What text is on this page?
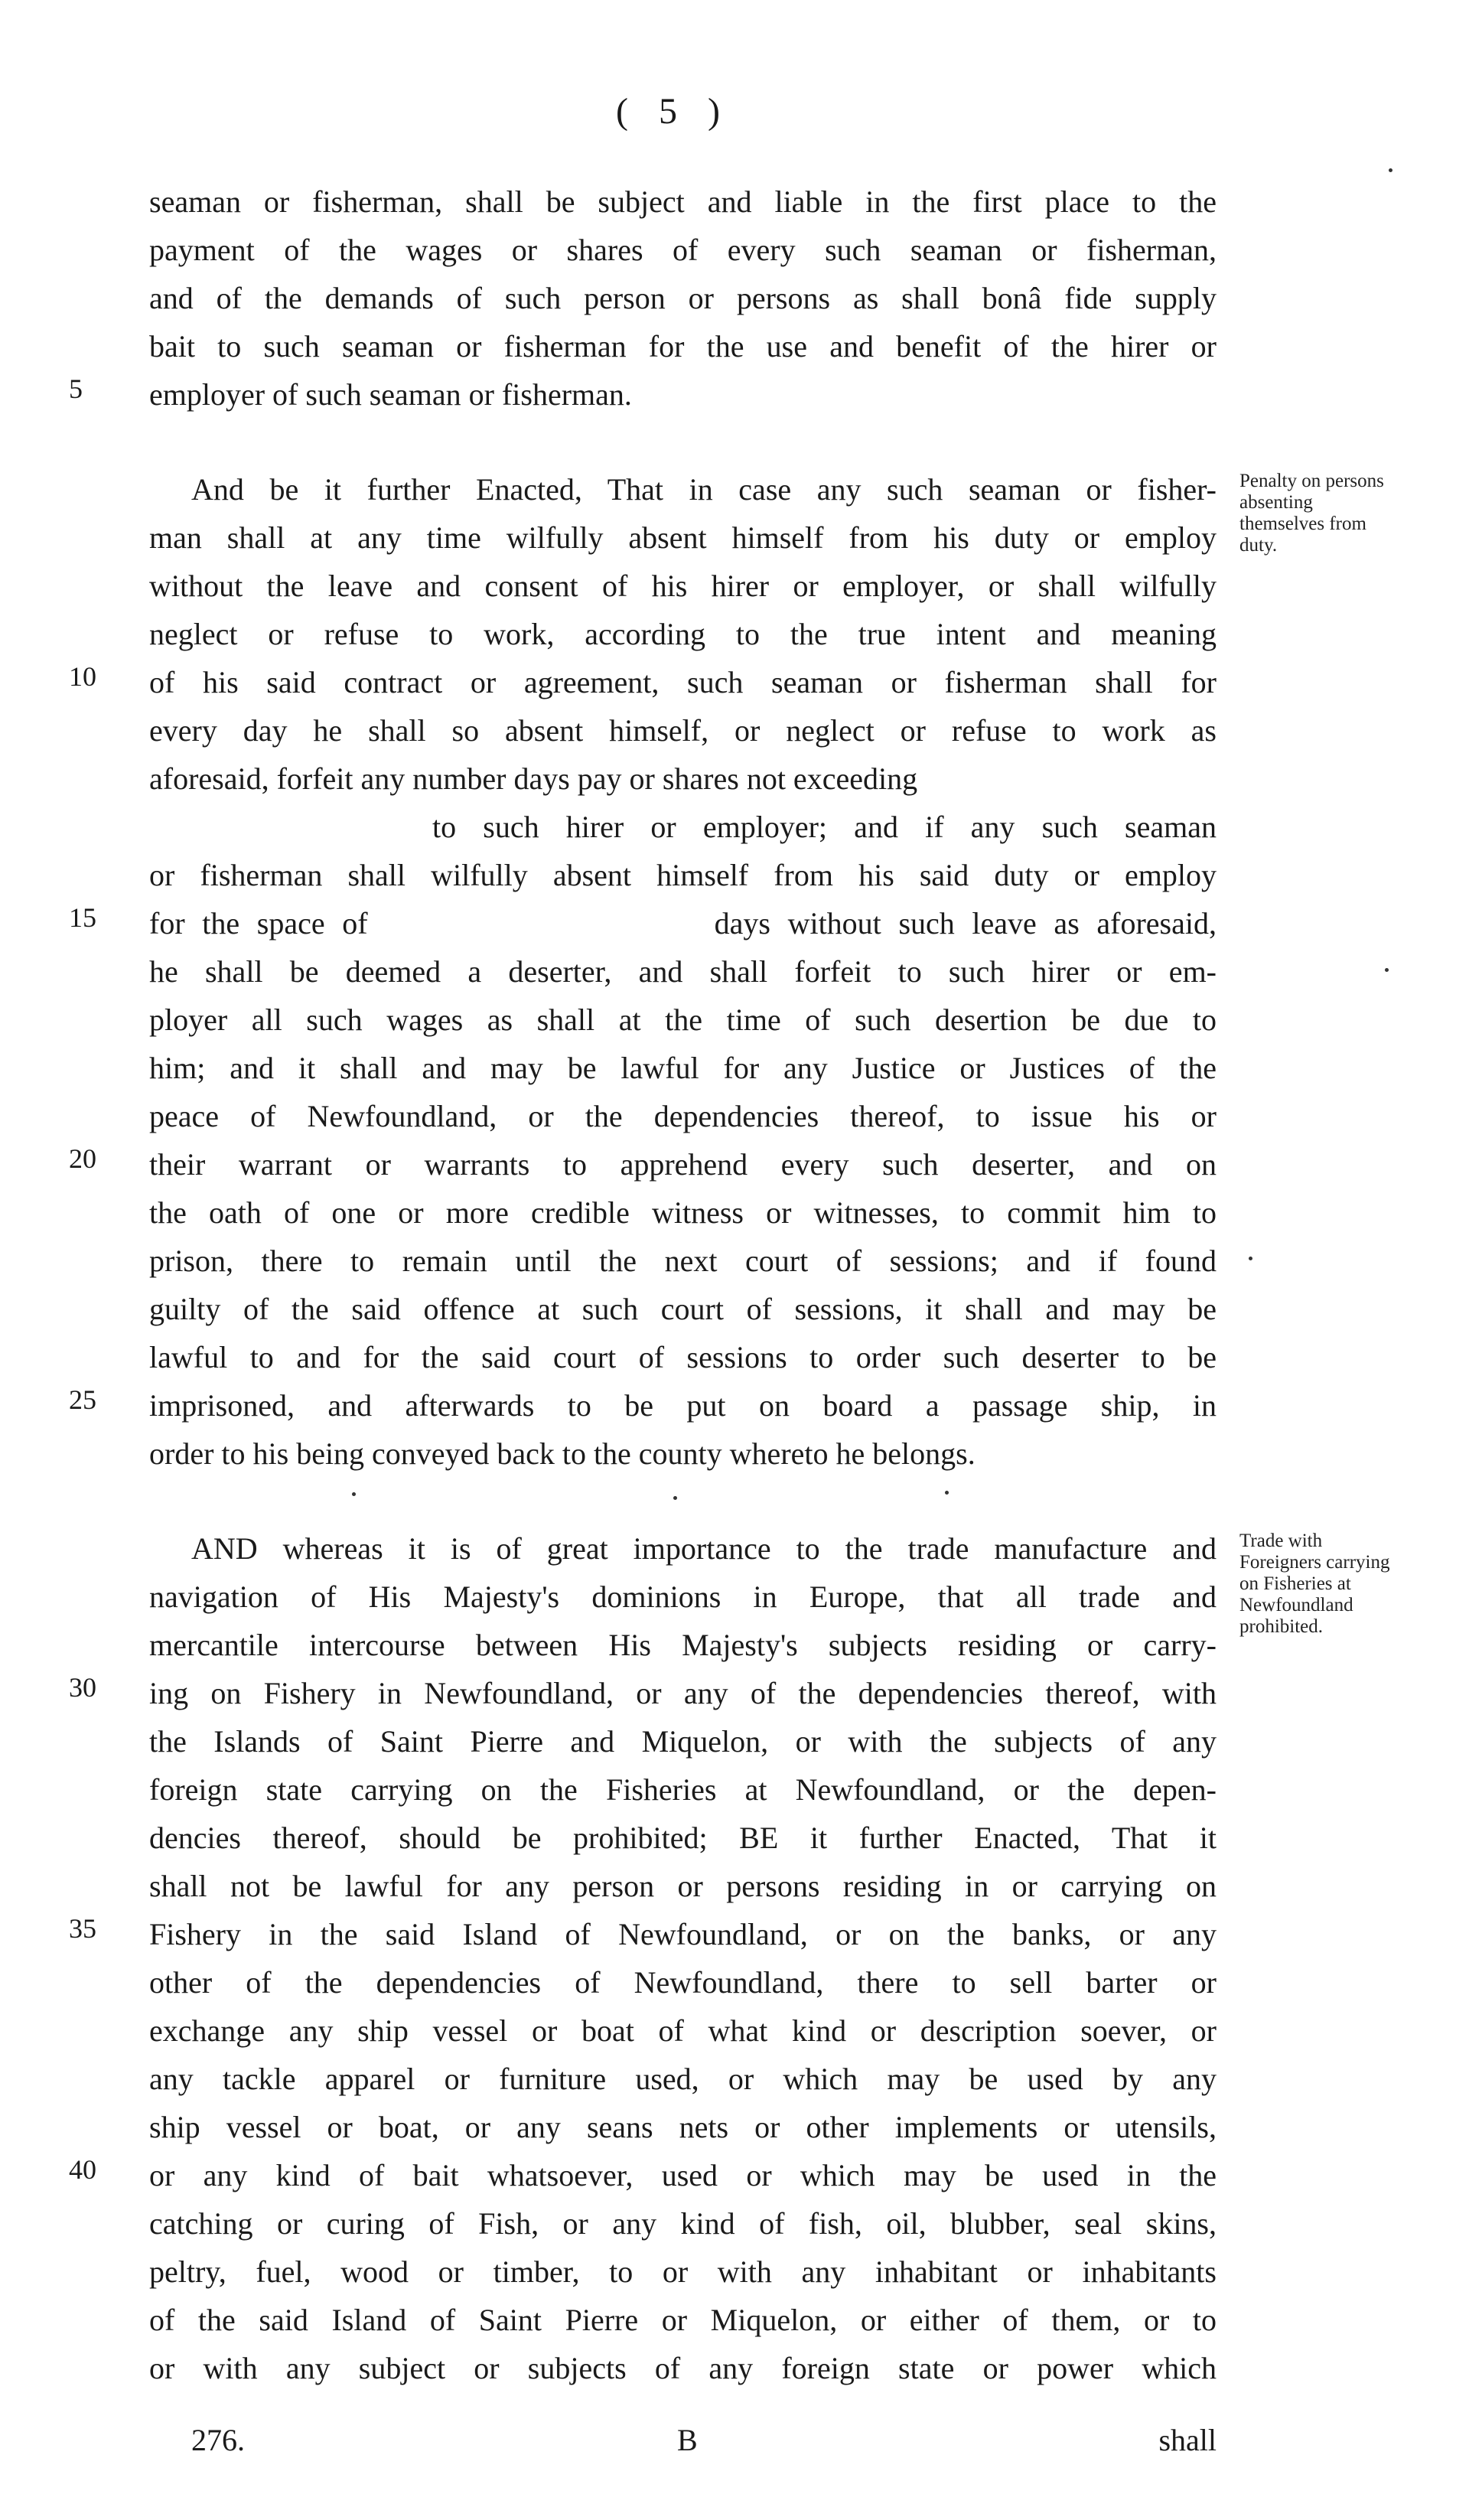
( 5 )
seaman or fisherman, shall be subject and liable in the first place to the
payment of the wages or shares of every such seaman or fisherman,
and of the demands of such person or persons as shall bonâ fide supply
bait to such seaman or fisherman for the use and benefit of the hirer or
employer of such seaman or fisherman.
And be it further Enacted, That in case any such seaman or fisher-
man shall at any time wilfully absent himself from his duty or employ
without the leave and consent of his hirer or employer, or shall wilfully
neglect or refuse to work, according to the true intent and meaning
of his said contract or agreement, such seaman or fisherman shall for
every day he shall so absent himself, or neglect or refuse to work as
aforesaid, forfeit any number days pay or shares not exceeding
to such hirer or employer; and if any such seaman
or fisherman shall wilfully absent himself from his said duty or employ
for the space of                    days without such leave as aforesaid,
he shall be deemed a deserter, and shall forfeit to such hirer or em-
ployer all such wages as shall at the time of such desertion be due to
him; and it shall and may be lawful for any Justice or Justices of the
peace of Newfoundland, or the dependencies thereof, to issue his or
their warrant or warrants to apprehend every such deserter, and on
the oath of one or more credible witness or witnesses, to commit him to
prison, there to remain until the next court of sessions; and if found
guilty of the said offence at such court of sessions, it shall and may be
lawful to and for the said court of sessions to order such deserter to be
imprisoned, and afterwards to be put on board a passage ship, in
order to his being conveyed back to the county whereto he belongs.
AND whereas it is of great importance to the trade manufacture and
navigation of His Majesty's dominions in Europe, that all trade and
mercantile intercourse between His Majesty's subjects residing or carry-
ing on Fishery in Newfoundland, or any of the dependencies thereof, with
the Islands of Saint Pierre and Miquelon, or with the subjects of any
foreign state carrying on the Fisheries at Newfoundland, or the depen-
dencies thereof, should be prohibited; BE it further Enacted, That it
shall not be lawful for any person or persons residing in or carrying on
Fishery in the said Island of Newfoundland, or on the banks, or any
other of the dependencies of Newfoundland, there to sell barter or
exchange any ship vessel or boat of what kind or description soever, or
any tackle apparel or furniture used, or which may be used by any
ship vessel or boat, or any seans nets or other implements or utensils,
or any kind of bait whatsoever, used or which may be used in the
catching or curing of Fish, or any kind of fish, oil, blubber, seal skins,
peltry, fuel, wood or timber, to or with any inhabitant or inhabitants
of the said Island of Saint Pierre or Miquelon, or either of them, or to
or with any subject or subjects of any foreign state or power which
5
10
15
20
25
30
35
40
Penalty on persons absenting themselves from duty.
Trade with Foreigners carrying on Fisheries at Newfoundland prohibited.
276.	B	shall
